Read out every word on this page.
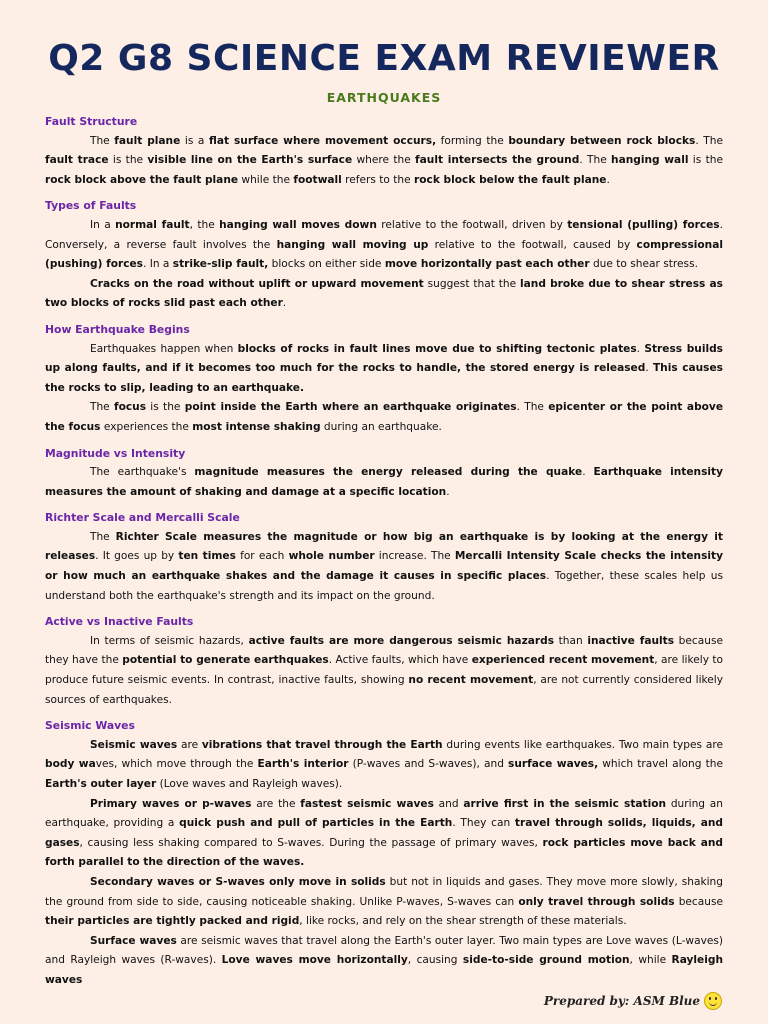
Q2 G8 SCIENCE EXAM REVIEWER
EARTHQUAKES
Fault Structure

The fault plane is a flat surface where movement occurs, forming the boundary between rock blocks. The fault trace is the visible line on the Earth's surface where the fault intersects the ground. The hanging wall is the rock block above the fault plane while the footwall refers to the rock block below the fault plane.

Types of Faults

In a normal fault, the hanging wall moves down relative to the footwall, driven by tensional (pulling) forces. Conversely, a reverse fault involves the hanging wall moving up relative to the footwall, caused by compressional (pushing) forces. In a strike-slip fault, blocks on either side move horizontally past each other due to shear stress.

Cracks on the road without uplift or upward movement suggest that the land broke due to shear stress as two blocks of rocks slid past each other.

How Earthquake Begins

Earthquakes happen when blocks of rocks in fault lines move due to shifting tectonic plates. Stress builds up along faults, and if it becomes too much for the rocks to handle, the stored energy is released. This causes the rocks to slip, leading to an earthquake.

The focus is the point inside the Earth where an earthquake originates. The epicenter or the point above the focus experiences the most intense shaking during an earthquake.

Magnitude vs Intensity

The earthquake's magnitude measures the energy released during the quake. Earthquake intensity measures the amount of shaking and damage at a specific location.

Richter Scale and Mercalli Scale

The Richter Scale measures the magnitude or how big an earthquake is by looking at the energy it releases. It goes up by ten times for each whole number increase. The Mercalli Intensity Scale checks the intensity or how much an earthquake shakes and the damage it causes in specific places. Together, these scales help us understand both the earthquake's strength and its impact on the ground.

Active vs Inactive Faults

In terms of seismic hazards, active faults are more dangerous seismic hazards than inactive faults because they have the potential to generate earthquakes. Active faults, which have experienced recent movement, are likely to produce future seismic events. In contrast, inactive faults, showing no recent movement, are not currently considered likely sources of earthquakes.

Seismic Waves

Seismic waves are vibrations that travel through the Earth during events like earthquakes. Two main types are body waves, which move through the Earth's interior (P-waves and S-waves), and surface waves, which travel along the Earth's outer layer (Love waves and Rayleigh waves).

Primary waves or p-waves are the fastest seismic waves and arrive first in the seismic station during an earthquake, providing a quick push and pull of particles in the Earth. They can travel through solids, liquids, and gases, causing less shaking compared to S-waves. During the passage of primary waves, rock particles move back and forth parallel to the direction of the waves.

Secondary waves or S-waves only move in solids but not in liquids and gases. They move more slowly, shaking the ground from side to side, causing noticeable shaking. Unlike P-waves, S-waves can only travel through solids because their particles are tightly packed and rigid, like rocks, and rely on the shear strength of these materials.

Surface waves are seismic waves that travel along the Earth's outer layer. Two main types are Love waves (L-waves) and Rayleigh waves (R-waves). Love waves move horizontally, causing side-to-side ground motion, while Rayleigh waves

Prepared by: ASM Blue
